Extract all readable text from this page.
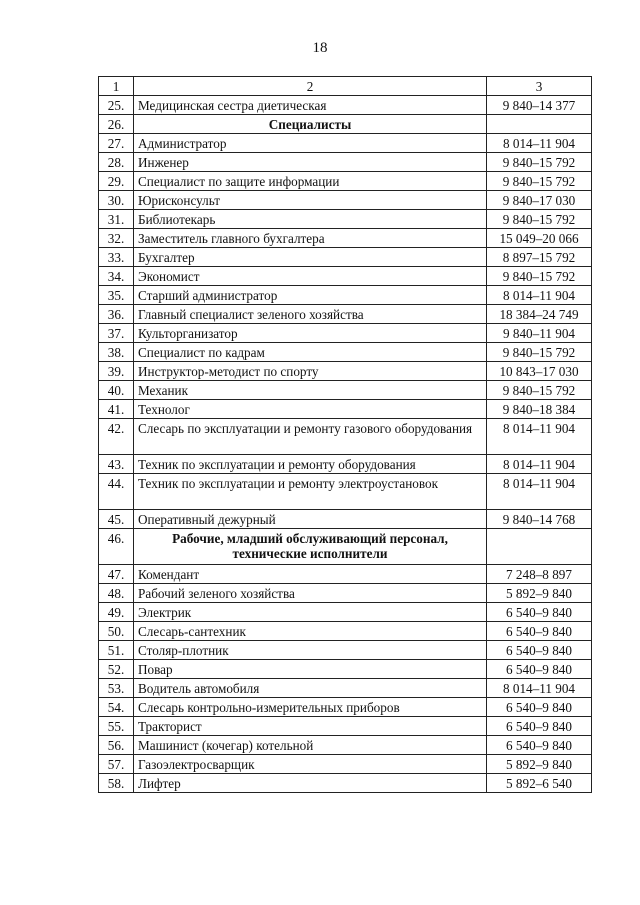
18
1	2	3
25.	Медицинская сестра диетическая	9 840–14 377
26.	Специалисты	
27.	Администратор	8 014–11 904
28.	Инженер	9 840–15 792
29.	Специалист по защите информации	9 840–15 792
30.	Юрисконсульт	9 840–17 030
31.	Библиотекарь	9 840–15 792
32.	Заместитель главного бухгалтера	15 049–20 066
33.	Бухгалтер	8 897–15 792
34.	Экономист	9 840–15 792
35.	Старший администратор	8 014–11 904
36.	Главный специалист зеленого хозяйства	18 384–24 749
37.	Культорганизатор	9 840–11 904
38.	Специалист по кадрам	9 840–15 792
39.	Инструктор-методист по спорту	10 843–17 030
40.	Механик	9 840–15 792
41.	Технолог	9 840–18 384
42.	Слесарь по эксплуатации и ремонту газового оборудования	8 014–11 904
43.	Техник по эксплуатации и ремонту оборудования	8 014–11 904
44.	Техник по эксплуатации и ремонту электроустановок	8 014–11 904
45.	Оперативный дежурный	9 840–14 768
46.	Рабочие, младший обслуживающий персонал, технические исполнители	
47.	Комендант	7 248–8 897
48.	Рабочий зеленого хозяйства	5 892–9 840
49.	Электрик	6 540–9 840
50.	Слесарь-сантехник	6 540–9 840
51.	Столяр-плотник	6 540–9 840
52.	Повар	6 540–9 840
53.	Водитель автомобиля	8 014–11 904
54.	Слесарь контрольно-измерительных приборов	6 540–9 840
55.	Тракторист	6 540–9 840
56.	Машинист (кочегар) котельной	6 540–9 840
57.	Газоэлектросварщик	5 892–9 840
58.	Лифтер	5 892–6 540
